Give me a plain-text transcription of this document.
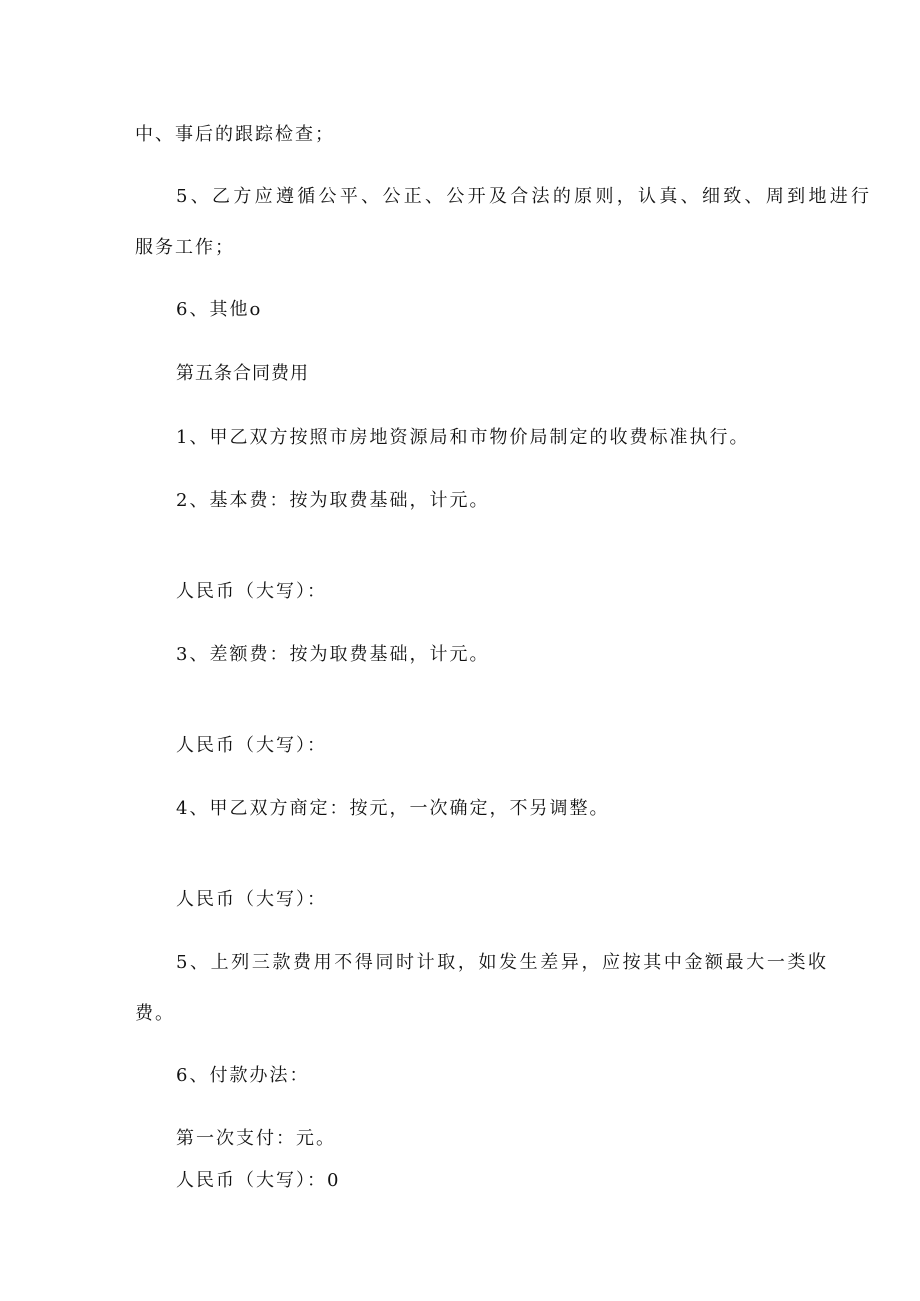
中、事后的跟踪检查；
5、乙方应遵循公平、公正、公开及合法的原则，认真、细致、周到地进行
服务工作；
6、其他o
第五条合同费用
1、甲乙双方按照市房地资源局和市物价局制定的收费标准执行。
2、基本费：按为取费基础，计元。
人民币（大写）：
3、差额费：按为取费基础，计元。
人民币（大写）：
4、甲乙双方商定：按元，一次确定，不另调整。
人民币（大写）：
5、上列三款费用不得同时计取，如发生差异，应按其中金额最大一类收
费。
6、付款办法：
第一次支付：元。
人民币（大写）：0
